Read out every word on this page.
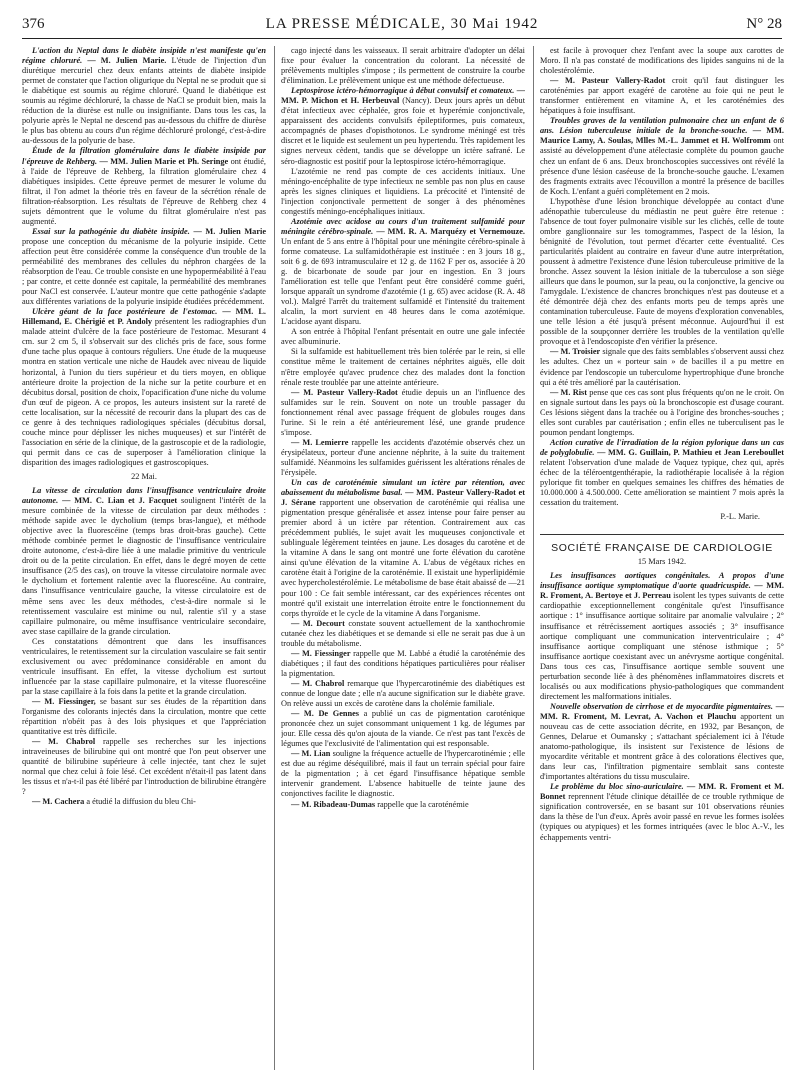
376	LA PRESSE MÉDICALE, 30 Mai 1942	N° 28

L'action du Neptal dans le diabète insipide n'est manifeste qu'en régime chloruré. — M. Julien Marie. L'étude de l'injection d'un diurétique mercuriel chez deux enfants atteints de diabète insipide permet de constater que l'action oligurique du Neptal ne se produit que si le diabétique est soumis au régime chloruré. Quand le diabétique est soumis au régime déchloruré, la chasse de NaCl se produit bien, mais la réduction de la diurèse est nulle ou insignifiante. Dans tous les cas, la polyurie après le Neptal ne descend pas au-dessous du chiffre de diurèse le plus bas obtenu au cours d'un régime déchloruré prolongé, c'est-à-dire au-dessous de la polyurie de base.

Étude de la filtration glomérulaire dans le diabète insipide par l'épreuve de Rehberg. — MM. Julien Marie et Ph. Seringe ont étudié, à l'aide de l'épreuve de Rehberg, la filtration glomérulaire chez 4 diabétiques insipides. Cette épreuve permet de mesurer le volume du filtrat, il l'on admet la théorie très en faveur de la sécrétion rénale de filtration-réabsorption. Les résultats de l'épreuve de Rehberg chez 4 sujets démontrent que le volume du filtrat glomérulaire n'est pas augmenté.

Essai sur la pathogénie du diabète insipide. — M. Julien Marie propose une conception du mécanisme de la polyurie insipide. Cette affection peut être considérée comme la conséquence d'un trouble de la perméabilité des membranes des cellules du néphron chargées de la réabsorption de l'eau. Ce trouble consiste en une hypoperméabilité à l'eau ; par contre, et cette donnée est capitale, la perméabilité des membranes pour NaCl est conservée. L'auteur montre que cette pathogénie s'adapte aux différentes variations de la polyurie insipide étudiées précédemment.

Ulcère géant de la face postérieure de l'estomac. — MM. L. Hillemand, E. Chérigié et P. Andoly présentent les radiographies d'un malade atteint d'ulcère de la face postérieure de l'estomac. Mesurant 4 cm. sur 2 cm 5, il s'observait sur des clichés pris de face, sous forme d'une tache plus opaque à contours réguliers. Une étude de la muqueuse montra en station verticale une niche de Haudek avec niveau de liquide horizontal, à l'union du tiers supérieur et du tiers moyen, en oblique antérieure droite la projection de la niche sur la petite courbure et en décubitus dorsal, position de choix, l'opacification d'une niche du volume d'un œuf de pigeon. A ce propos, les auteurs insistent sur la rareté de cette localisation, sur la nécessité de recourir dans la plupart des cas de ce genre à des techniques radiologiques spéciales (décubitus dorsal, couche mince pour déplisser les niches muqueuses) et sur l'intérêt de l'association en série de la clinique, de la gastroscopie et de la radiologie, qui permit dans ce cas de superposer à l'amélioration clinique la disparition des images radiologiques et gastroscopiques.

22 Mai.

La vitesse de circulation dans l'insuffisance ventriculaire droite autonome. — MM. C. Lian et J. Facquet soulignent l'intérêt de la mesure combinée de la vitesse de circulation par deux méthodes : méthode sapide avec le dycholium (temps bras-langue), et méthode objective avec la fluorescéine (temps bras droit-bras gauche). Cette méthode combinée permet le diagnostic de l'insuffisance ventriculaire droite autonome, c'est-à-dire liée à une maladie primitive du ventricule droit ou de la petite circulation. En effet, dans le degré moyen de cette insuffisance (2/5 des cas), on trouve la vitesse circulatoire normale avec le dycholium et fortement ralentie avec la fluorescéine. Au contraire, dans l'insuffisance ventriculaire gauche, la vitesse circulatoire est de même sens avec les deux méthodes, c'est-à-dire normale si le retentissement vasculaire est minime ou nul, ralentie s'il y a stase capillaire pulmonaire, ou même insuffisance ventriculaire secondaire, avec stase capillaire de la grande circulation.

Ces constatations démontrent que dans les insuffisances ventriculaires, le retentissement sur la circulation vasculaire se fait sentir exclusivement ou avec prédominance considérable en amont du ventricule insuffisant. En effet, la vitesse dycholium est surtout influencée par la stase capillaire pulmonaire, et la vitesse fluorescéine par la stase capillaire à la fois dans la petite et la grande circulation.

— M. Fiessinger, se basant sur ses études de la répartition dans l'organisme des colorants injectés dans la circulation, montre que cette répartition n'obéit pas à des lois physiques et que l'appréciation quantitative est très difficile.

— M. Chabrol rappelle ses recherches sur les injections intraveineuses de bilirubine qui ont montré que l'on peut observer une quantité de bilirubine supérieure à celle injectée, tant chez le sujet normal que chez celui à foie lésé. Cet excédent n'était-il pas latent dans les tissus et n'a-t-il pas été libéré par l'introduction de bilirubine étrangère ?

— M. Cachera a étudié la diffusion du bleu Chi-

cago injecté dans les vaisseaux. Il serait arbitraire d'adopter un délai fixe pour évaluer la concentration du colorant. La nécessité de prélèvements multiples s'impose ; ils permettent de construire la courbe d'élimination. Le prélèvement unique est une méthode défectueuse.

Leptospirose ictéro-hémorragique à début convulsif et comateux. — MM. P. Michon et H. Herbeuval (Nancy). Deux jours après un début d'état infectieux avec céphalée, gros foie et hyperémie conjonctivale, apparaissent des accidents convulsifs épileptiformes, puis comateux, accompagnés de phases d'opisthotonos. Le syndrome méningé est très discret et le liquide est seulement un peu hypertendu. Très rapidement les signes nerveux cèdent, tandis que se développe un ictère safrané. Le séro-diagnostic est positif pour la leptospirose ictéro-hémorragique.

L'azotémie ne rend pas compte de ces accidents initiaux. Une méningo-encéphalite de type infectieux ne semble pas non plus en cause après les signes cliniques et liquidiens. La précocité et l'intensité de l'injection conjonctivale permettent de songer à des phénomènes congestifs méningo-encéphaliques initiaux.

Azotémie avec acidose au cours d'un traitement sulfamidé pour méningite cérébro-spinale. — MM. R. A. Marquézy et Vernemouze. Un enfant de 5 ans entre à l'hôpital pour une méningite cérébro-spinale à forme comateuse. La sulfamidothérapie est instituée : en 3 jours 18 g., soit 6 g. de 693 intramusculaire et 12 g. de 1162 F per os, associée à 20 g. de bicarbonate de soude par jour en ingestion. En 3 jours l'amélioration est telle que l'enfant peut être considéré comme guéri, lorsque apparaît un syndrome d'azotémie (1 g. 65) avec acidose (R. A. 48 vol.). Malgré l'arrêt du traitement sulfamidé et l'intensité du traitement alcalin, la mort survient en 48 heures dans le coma azotémique. L'acidose ayant disparu.

A son entrée à l'hôpital l'enfant présentait en outre une gale infectée avec albuminurie.

Si la sulfamide est habituellement très bien tolérée par le rein, si elle constitue même le traitement de certaines néphrites aiguës, elle doit n'être employée qu'avec prudence chez des malades dont la fonction rénale reste troublée par une atteinte antérieure.

— M. Pasteur Vallery-Radot étudie depuis un an l'influence des sulfamides sur le rein. Souvent on note un trouble passager du fonctionnement rénal avec passage fréquent de globules rouges dans l'urine. Si le rein a été antérieurement lésé, une grande prudence s'impose.

— M. Lemierre rappelle les accidents d'azotémie observés chez un érysipélateux, porteur d'une ancienne néphrite, à la suite du traitement sulfamidé. Néanmoins les sulfamides guérissent les altérations rénales de l'érysipèle.

Un cas de caroténémie simulant un ictère par rétention, avec abaissement du métabolisme basal. — MM. Pasteur Vallery-Radot et J. Sérane rapportent une observation de caroténémie qui réalisa une pigmentation presque généralisée et assez intense pour faire penser au premier abord à un ictère par rétention. Contrairement aux cas précédemment publiés, le sujet avait les muqueuses conjonctivale et sublinguale légèrement teintées en jaune. Les dosages du carotène et de la vitamine A dans le sang ont montré une forte élévation du carotène ainsi qu'une élévation de la vitamine A. L'abus de végétaux riches en carotène était à l'origine de la caroténémie. Il existait une hyperlipidémie avec hypercholestérolémie. Le métabolisme de base était abaissé de —21 pour 100 : Ce fait semble intéressant, car des expériences récentes ont montré qu'il existait une interrelation étroite entre le fonctionnement du corps thyroïde et le cycle de la vitamine A dans l'organisme.

— M. Decourt constate souvent actuellement de la xanthochromie cutanée chez les diabétiques et se demande si elle ne serait pas due à un trouble du métabolisme.

— M. Fiessinger rappelle que M. Labbé a étudié la caroténémie des diabétiques ; il faut des conditions hépatiques particulières pour réaliser la pigmentation.

— M. Chabrol remarque que l'hypercarotinémie des diabétiques est connue de longue date ; elle n'a aucune signification sur le diabète grave. On relève aussi un excès de carotène dans la cholémie familiale.

— M. De Gennes a publié un cas de pigmentation caroténique prononcée chez un sujet consommant uniquement 1 kg. de légumes par jour. Elle cessa dès qu'on ajouta de la viande. Ce n'est pas tant l'excès de légumes que l'exclusivité de l'alimentation qui est responsable.

— M. Lian souligne la fréquence actuelle de l'hypercarotinémie ; elle est due au régime déséquilibré, mais il faut un terrain spécial pour faire de la pigmentation ; à cet égard l'insuffisance hépatique semble intervenir grandement. L'absence habituelle de teinte jaune des conjonctives facilite le diagnostic.

— M. Ribadeau-Dumas rappelle que la caroténémie

est facile à provoquer chez l'enfant avec la soupe aux carottes de Moro. Il n'a pas constaté de modifications des lipides sanguins ni de la cholestérolémie.

— M. Pasteur Vallery-Radot croit qu'il faut distinguer les caroténémies par apport exagéré de carotène au foie qui ne peut le transformer entièrement en vitamine A, et les caroténémies des hépatiques à foie insuffisant.

Troubles graves de la ventilation pulmonaire chez un enfant de 6 ans. Lésion tuberculeuse initiale de la bronche-souche. — MM. Maurice Lamy, A. Soulas, Mlles M.-L. Jammet et H. Wolfromm ont assisté au développement d'une atélectasie complète du poumon gauche chez un enfant de 6 ans. Deux bronchoscopies successives ont révélé la présence d'une lésion caséeuse de la bronche-souche gauche. L'examen des fragments extraits avec l'écouvillon a montré la présence de bacilles de Koch. L'enfant a guéri complètement en 2 mois.

L'hypothèse d'une lésion bronchique développée au contact d'une adénopathie tuberculeuse du médiastin ne peut guère être retenue : l'absence de tout foyer pulmonaire visible sur les clichés, celle de toute ombre ganglionnaire sur les tomogrammes, l'aspect de la lésion, la bénignité de l'évolution, tout permet d'écarter cette éventualité. Ces particularités plaident au contraire en faveur d'une autre interprétation, poussent à admettre l'existence d'une lésion tuberculeuse primitive de la bronche. Assez souvent la lésion initiale de la tuberculose a son siège ailleurs que dans le poumon, sur la peau, ou la conjonctive, la gencive ou l'amygdale. L'existence de chancres bronchiques n'est pas douteuse et a été démontrée déjà chez des enfants morts peu de temps après une contamination tuberculeuse. Faute de moyens d'exploration convenables, une telle lésion a été jusqu'à présent méconnue. Aujourd'hui il est possible de la soupçonner derrière les troubles de la ventilation qu'elle provoque et à l'endoscopiste d'en vérifier la présence.

— M. Troisier signale que des faits semblables s'observent aussi chez les adultes. Chez un « porteur sain » de bacilles il a pu mettre en évidence par l'endoscopie un tuberculome hypertrophique d'une bronche qui a été très amélioré par la cautérisation.

— M. Rist pense que ces cas sont plus fréquents qu'on ne le croit. On en signale surtout dans les pays où la bronchoscopie est d'usage courant. Ces lésions siègent dans la trachée ou à l'origine des bronches-souches ; elles sont curables par cautérisation ; enfin elles ne tuberculisent pas le poumon pendant longtemps.

Action curative de l'irradiation de la région pylorique dans un cas de polyglobulie. — MM. G. Guillain, P. Mathieu et Jean Lereboullet relatent l'observation d'une malade de Vaquez typique, chez qui, après échec de la téléroentgenthérapie, la radiothérapie localisée à la région pylorique fit tomber en quelques semaines les chiffres des hématies de 10.000.000 à 4.500.000. Cette amélioration se maintient 7 mois après la cessation du traitement.

P.-L. Marie.

SOCIÉTÉ FRANÇAISE DE CARDIOLOGIE

15 Mars 1942.

Les insuffisances aortiques congénitales. A propos d'une insuffisance aortique symptomatique d'aorte quadricuspide. — MM. R. Froment, A. Bertoye et J. Perreau isolent les types suivants de cette cardiopathie exceptionnellement congénitale qu'est l'insuffisance aortique : 1° insuffisance aortique solitaire par anomalie valvulaire ; 2° insuffisance et rétrécissement aortiques associés ; 3° insuffisance aortique compliquant une communication interventriculaire ; 4° insuffisance aortique compliquant une sténose isthmique ; 5° insuffisance aortique coexistant avec un anévrysme aortique congénital. Dans tous ces cas, l'insuffisance aortique semble souvent une perturbation seconde liée à des phénomènes inflammatoires discrets et localisés ou aux modifications physio-pathologiques que commandent directement les malformations initiales.

Nouvelle observation de cirrhose et de myocardite pigmentaires. — MM. R. Froment, M. Levrat, A. Vachon et Plauchu apportent un nouveau cas de cette association décrite, en 1932, par Besançon, de Gennes, Delarue et Oumansky ; s'attachant spécialement ici à l'étude anatomo-pathologique, ils insistent sur l'existence de lésions de myocardite véritable et montrent grâce à des colorations électives que, dans leur cas, l'infiltration pigmentaire semblait sans conteste d'importantes altérations du tissu musculaire.

Le problème du bloc sino-auriculaire. — MM. R. Froment et M. Bonnet reprennent l'étude clinique détaillée de ce trouble rythmique de signification controversée, en se basant sur 101 observations réunies dans la thèse de l'un d'eux. Après avoir passé en revue les formes isolées (typiques ou atypiques) et les formes intriquées (avec le bloc A.-V., les échappements ventri-
